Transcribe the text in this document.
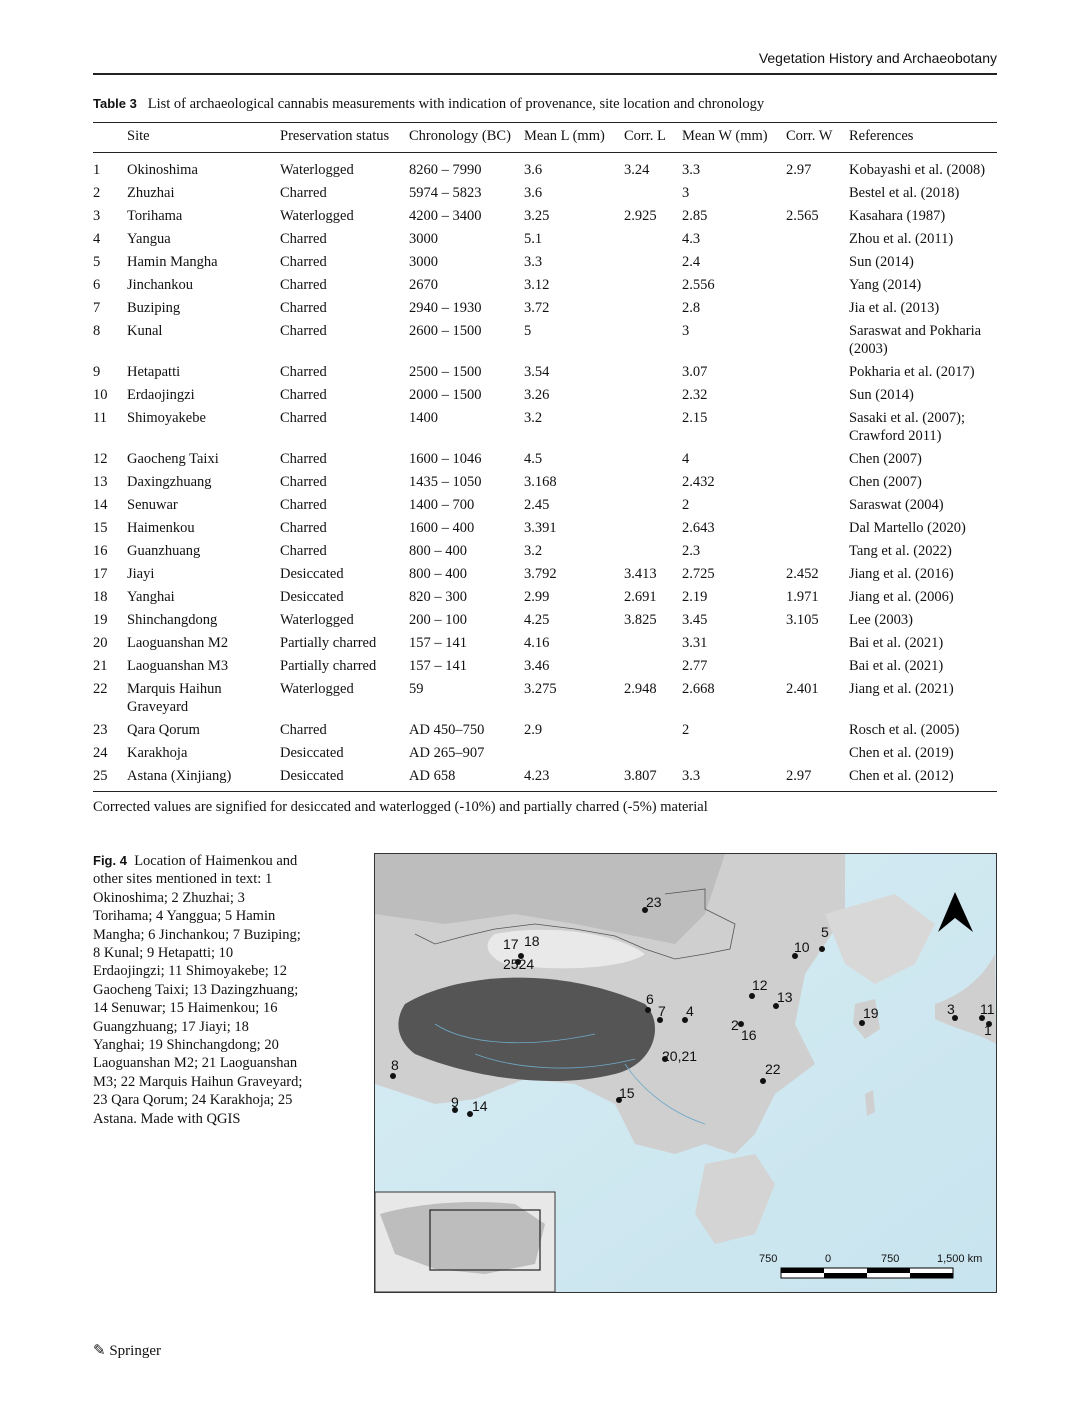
Vegetation History and Archaeobotany
Table 3 List of archaeological cannabis measurements with indication of provenance, site location and chronology
	Site	Preservation status	Chronology (BC)	Mean L (mm)	Corr. L	Mean W (mm)	Corr. W	References
1	Okinoshima	Waterlogged	8260 – 7990	3.6	3.24	3.3	2.97	Kobayashi et al. (2008)
2	Zhuzhai	Charred	5974 – 5823	3.6		3		Bestel et al. (2018)
3	Torihama	Waterlogged	4200 – 3400	3.25	2.925	2.85	2.565	Kasahara (1987)
4	Yangua	Charred	3000	5.1		4.3		Zhou et al. (2011)
5	Hamin Mangha	Charred	3000	3.3		2.4		Sun (2014)
6	Jinchankou	Charred	2670	3.12		2.556		Yang (2014)
7	Buziping	Charred	2940 – 1930	3.72		2.8		Jia et al. (2013)
8	Kunal	Charred	2600 – 1500	5		3		Saraswat and Pokharia (2003)
9	Hetapatti	Charred	2500 – 1500	3.54		3.07		Pokharia et al. (2017)
10	Erdaojingzi	Charred	2000 – 1500	3.26		2.32		Sun (2014)
11	Shimoyakebe	Charred	1400	3.2		2.15		Sasaki et al. (2007); Crawford 2011)
12	Gaocheng Taixi	Charred	1600 – 1046	4.5		4		Chen (2007)
13	Daxingzhuang	Charred	1435 – 1050	3.168		2.432		Chen (2007)
14	Senuwar	Charred	1400 – 700	2.45		2		Saraswat (2004)
15	Haimenkou	Charred	1600 – 400	3.391		2.643		Dal Martello (2020)
16	Guanzhuang	Charred	800 – 400	3.2		2.3		Tang et al. (2022)
17	Jiayi	Desiccated	800 – 400	3.792	3.413	2.725	2.452	Jiang et al. (2016)
18	Yanghai	Desiccated	820 – 300	2.99	2.691	2.19	1.971	Jiang et al. (2006)
19	Shinchangdong	Waterlogged	200 – 100	4.25	3.825	3.45	3.105	Lee (2003)
20	Laoguanshan M2	Partially charred	157 – 141	4.16		3.31		Bai et al. (2021)
21	Laoguanshan M3	Partially charred	157 – 141	3.46		2.77		Bai et al. (2021)
22	Marquis Haihun Graveyard	Waterlogged	59	3.275	2.948	2.668	2.401	Jiang et al. (2021)
23	Qara Qorum	Charred	AD 450–750	2.9		2		Rosch et al. (2005)
24	Karakhoja	Desiccated	AD 265–907					Chen et al. (2019)
25	Astana (Xinjiang)	Desiccated	AD 658	4.23	3.807	3.3	2.97	Chen et al. (2012)
Corrected values are signified for desiccated and waterlogged (-10%) and partially charred (-5%) material
Fig. 4 Location of Haimenkou and other sites mentioned in text: 1 Okinoshima; 2 Zhuzhai; 3 Torihama; 4 Yanggua; 5 Hamin Mangha; 6 Jinchankou; 7 Buziping; 8 Kunal; 9 Hetapatti; 10 Erdaojingzi; 11 Shimoyakebe; 12 Gaocheng Taixi; 13 Dazingzhuang; 14 Senuwar; 15 Haimenkou; 16 Guangzhuang; 17 Jiayi; 18 Yanghai; 19 Shinchangdong; 20 Laoguanshan M2; 21 Laoguanshan M3; 22 Marquis Haihun Graveyard; 23 Qara Qorum; 24 Karakhoja; 25 Astana. Made with QGIS
23
17 18
2524
10
5
12
13
6
7 4
2
16
19	3 11
1
8
20,21
22
15
9 14
750	0	750	1,500 km
✎ Springer
